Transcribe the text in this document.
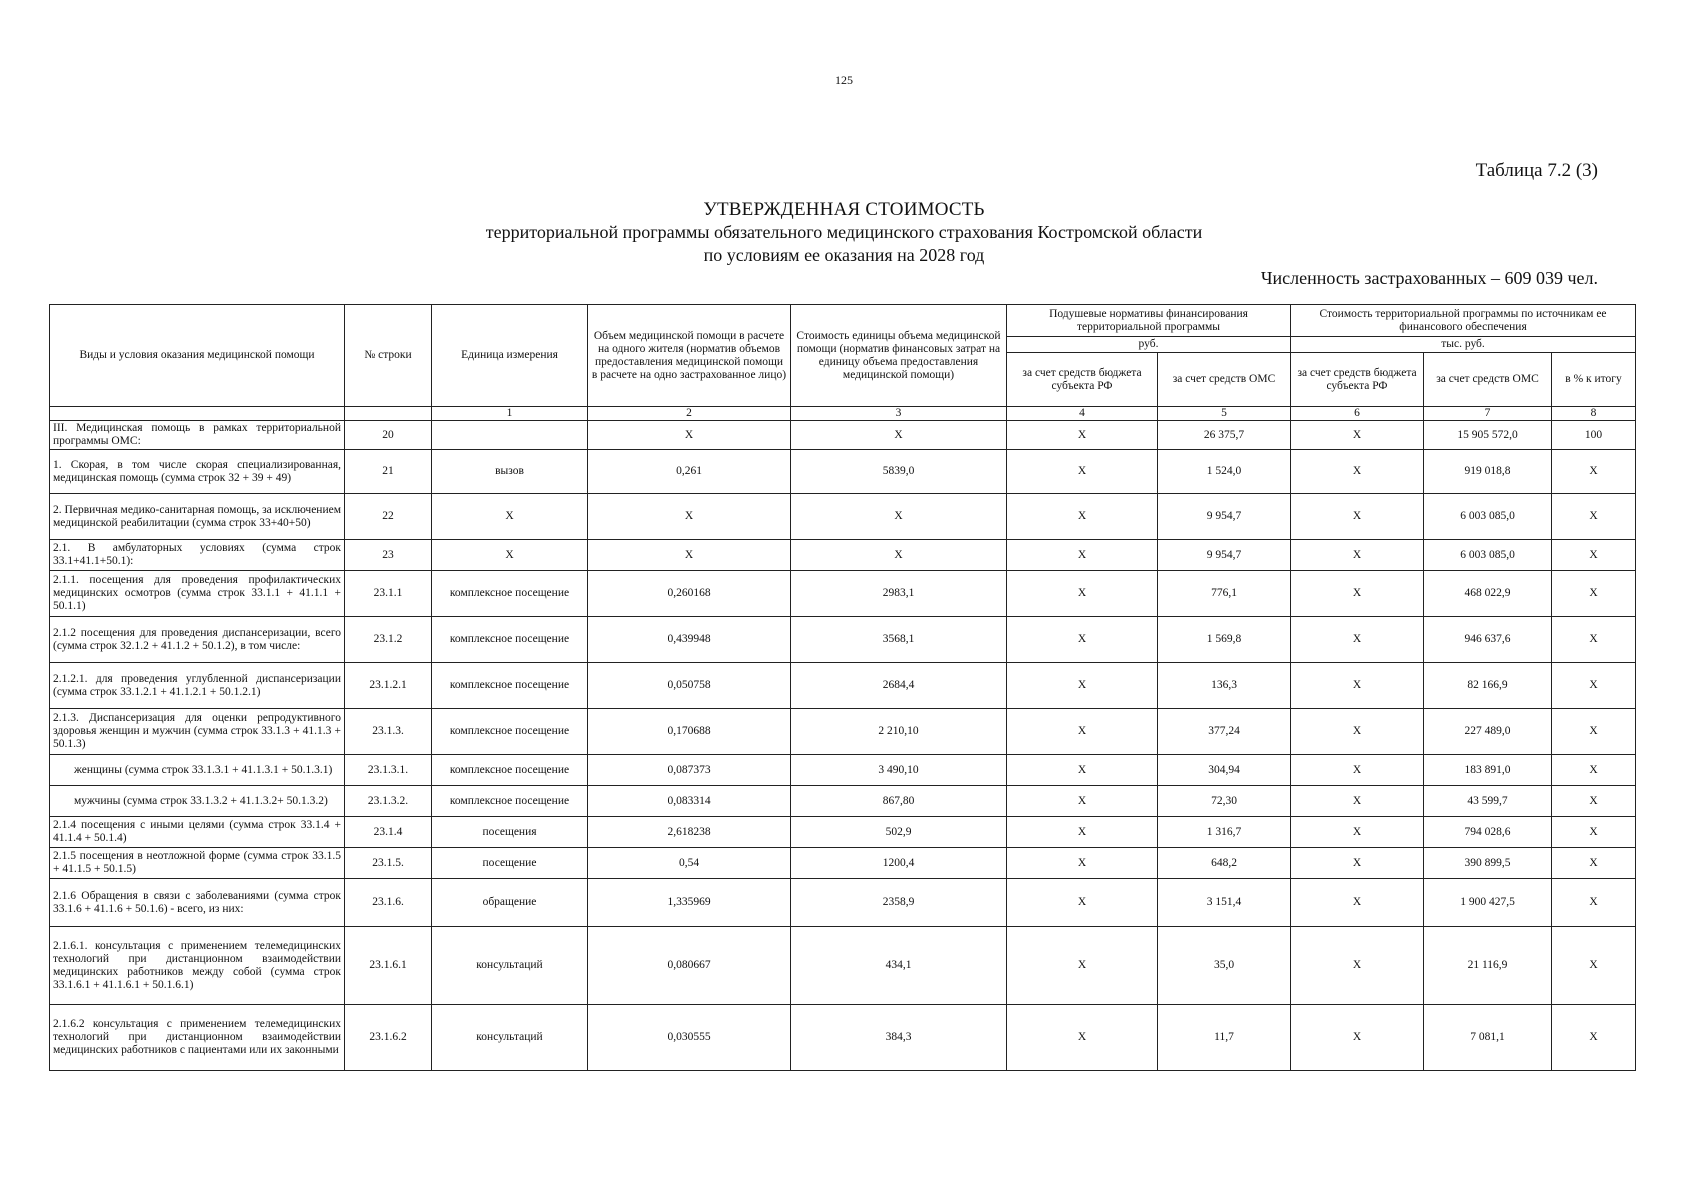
125
Таблица 7.2 (3)
УТВЕРЖДЕННАЯ СТОИМОСТЬ
территориальной программы обязательного медицинского страхования Костромской области
по условиям ее оказания на 2028 год
Численность застрахованных – 609 039 чел.
Виды и условия оказания медицинской помощи	№ строки	Единица измерения	Объем медицинской помощи в расчете на одного жителя (норматив объемов предоставления медицинской помощи в расчете на одно застрахованное лицо)	Стоимость единицы объема медицинской помощи (норматив финансовых затрат на единицу объема предоставления медицинской помощи)	Подушевые нормативы финансирования территориальной программы		Стоимость территориальной программы по источникам ее финансового обеспечения		
					руб.		тыс. руб.		
					за счет средств бюджета субъекта РФ	за счет средств ОМС	за счет средств бюджета субъекта РФ	за счет средств ОМС	в % к итогу
		1	2	3	4	5	6	7	8
III. Медицинская помощь в рамках территориальной программы ОМС:	20		X	X	X	26 375,7	X	15 905 572,0	100
1. Скорая, в том числе скорая специализированная, медицинская помощь (сумма строк 32 + 39 + 49)	21	вызов	0,261	5839,0	X	1 524,0	X	919 018,8	X
2. Первичная медико-санитарная помощь, за исключением медицинской реабилитации (сумма строк 33+40+50)	22	X	X	X	X	9 954,7	X	6 003 085,0	X
2.1. В амбулаторных условиях (сумма строк 33.1+41.1+50.1):	23	X	X	X	X	9 954,7	X	6 003 085,0	X
2.1.1. посещения для проведения профилактических медицинских осмотров (сумма строк 33.1.1 + 41.1.1 + 50.1.1)	23.1.1	комплексное посещение	0,260168	2983,1	X	776,1	X	468 022,9	X
2.1.2 посещения для проведения диспансеризации, всего (сумма строк 32.1.2 + 41.1.2 + 50.1.2), в том числе:	23.1.2	комплексное посещение	0,439948	3568,1	X	1 569,8	X	946 637,6	X
2.1.2.1. для проведения углубленной диспансеризации (сумма строк 33.1.2.1 + 41.1.2.1 + 50.1.2.1)	23.1.2.1	комплексное посещение	0,050758	2684,4	X	136,3	X	82 166,9	X
2.1.3. Диспансеризация для оценки репродуктивного здоровья женщин и мужчин (сумма строк 33.1.3 + 41.1.3 + 50.1.3)	23.1.3.	комплексное посещение	0,170688	2 210,10	X	377,24	X	227 489,0	X
женщины (сумма строк 33.1.3.1 + 41.1.3.1 + 50.1.3.1)	23.1.3.1.	комплексное посещение	0,087373	3 490,10	X	304,94	X	183 891,0	X
мужчины (сумма строк 33.1.3.2 + 41.1.3.2+ 50.1.3.2)	23.1.3.2.	комплексное посещение	0,083314	867,80	X	72,30	X	43 599,7	X
2.1.4 посещения с иными целями (сумма строк 33.1.4 + 41.1.4 + 50.1.4)	23.1.4	посещения	2,618238	502,9	X	1 316,7	X	794 028,6	X
2.1.5 посещения в неотложной форме (сумма строк 33.1.5 + 41.1.5 + 50.1.5)	23.1.5.	посещение	0,54	1200,4	X	648,2	X	390 899,5	X
2.1.6 Обращения в связи с заболеваниями (сумма строк 33.1.6 + 41.1.6 + 50.1.6) - всего, из них:	23.1.6.	обращение	1,335969	2358,9	X	3 151,4	X	1 900 427,5	X
2.1.6.1. консультация с применением телемедицинских технологий при дистанционном взаимодействии медицинских работников между собой (сумма строк 33.1.6.1 + 41.1.6.1 + 50.1.6.1)	23.1.6.1	консультаций	0,080667	434,1	X	35,0	X	21 116,9	X
2.1.6.2 консультация с применением телемедицинских технологий при дистанционном взаимодействии медицинских работников с пациентами или их законными	23.1.6.2	консультаций	0,030555	384,3	X	11,7	X	7 081,1	X
